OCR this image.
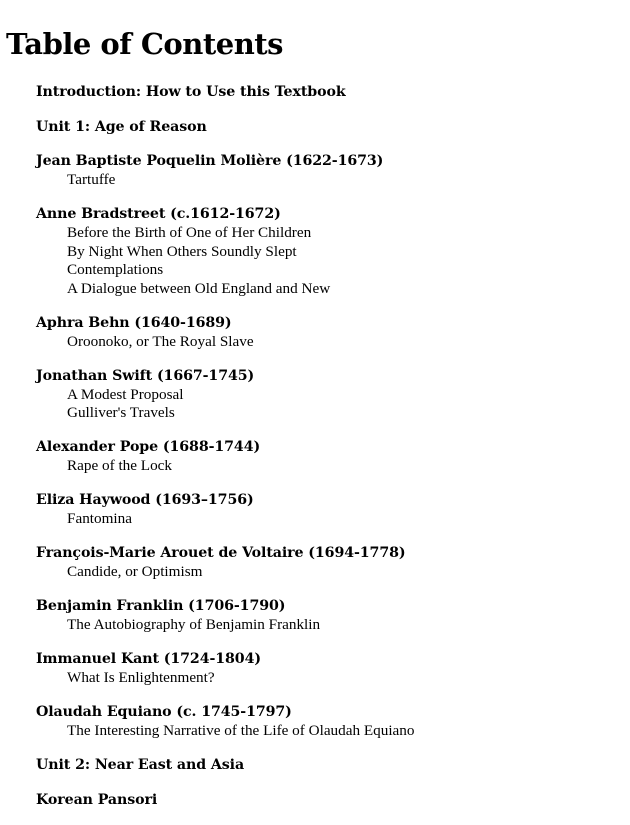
Table of Contents
Introduction: How to Use this Textbook
Unit 1: Age of Reason
Jean Baptiste Poquelin Molière (1622-1673)
Tartuffe
Anne Bradstreet (c.1612-1672)
Before the Birth of One of Her Children
By Night When Others Soundly Slept
Contemplations
A Dialogue between Old England and New
Aphra Behn (1640-1689)
Oroonoko, or The Royal Slave
Jonathan Swift (1667-1745)
A Modest Proposal
Gulliver's Travels
Alexander Pope (1688-1744)
Rape of the Lock
Eliza Haywood (1693–1756)
Fantomina
François-Marie Arouet de Voltaire (1694-1778)
Candide, or Optimism
Benjamin Franklin (1706-1790)
The Autobiography of Benjamin Franklin
Immanuel Kant (1724-1804)
What Is Enlightenment?
Olaudah Equiano (c. 1745-1797)
The Interesting Narrative of the Life of Olaudah Equiano
Unit 2: Near East and Asia
Korean Pansori
